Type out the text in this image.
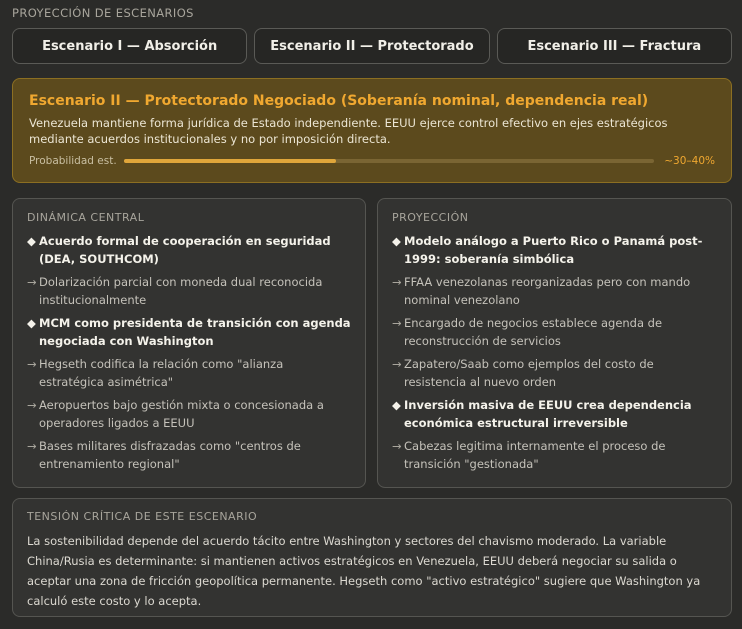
PROYECCIÓN DE ESCENARIOS
Escenario I — Absorción	Escenario II — Protectorado	Escenario III — Fractura
Escenario II — Protectorado Negociado (Soberanía nominal, dependencia real)
Venezuela mantiene forma jurídica de Estado independiente. EEUU ejerce control efectivo en ejes estratégicos mediante acuerdos institucionales y no por imposición directa.
Probabilidad est.	~30–40%
DINÁMICA CENTRAL
◆ Acuerdo formal de cooperación en seguridad (DEA, SOUTHCOM)
→ Dolarización parcial con moneda dual reconocida institucionalmente
◆ MCM como presidenta de transición con agenda negociada con Washington
→ Hegseth codifica la relación como "alianza estratégica asimétrica"
→ Aeropuertos bajo gestión mixta o concesionada a operadores ligados a EEUU
→ Bases militares disfrazadas como "centros de entrenamiento regional"
PROYECCIÓN
◆ Modelo análogo a Puerto Rico o Panamá post-1999: soberanía simbólica
→ FFAA venezolanas reorganizadas pero con mando nominal venezolano
→ Encargado de negocios establece agenda de reconstrucción de servicios
→ Zapatero/Saab como ejemplos del costo de resistencia al nuevo orden
◆ Inversión masiva de EEUU crea dependencia económica estructural irreversible
→ Cabezas legitima internamente el proceso de transición "gestionada"
TENSIÓN CRÍTICA DE ESTE ESCENARIO
La sostenibilidad depende del acuerdo tácito entre Washington y sectores del chavismo moderado. La variable China/Rusia es determinante: si mantienen activos estratégicos en Venezuela, EEUU deberá negociar su salida o aceptar una zona de fricción geopolítica permanente. Hegseth como "activo estratégico" sugiere que Washington ya calculó este costo y lo acepta.
